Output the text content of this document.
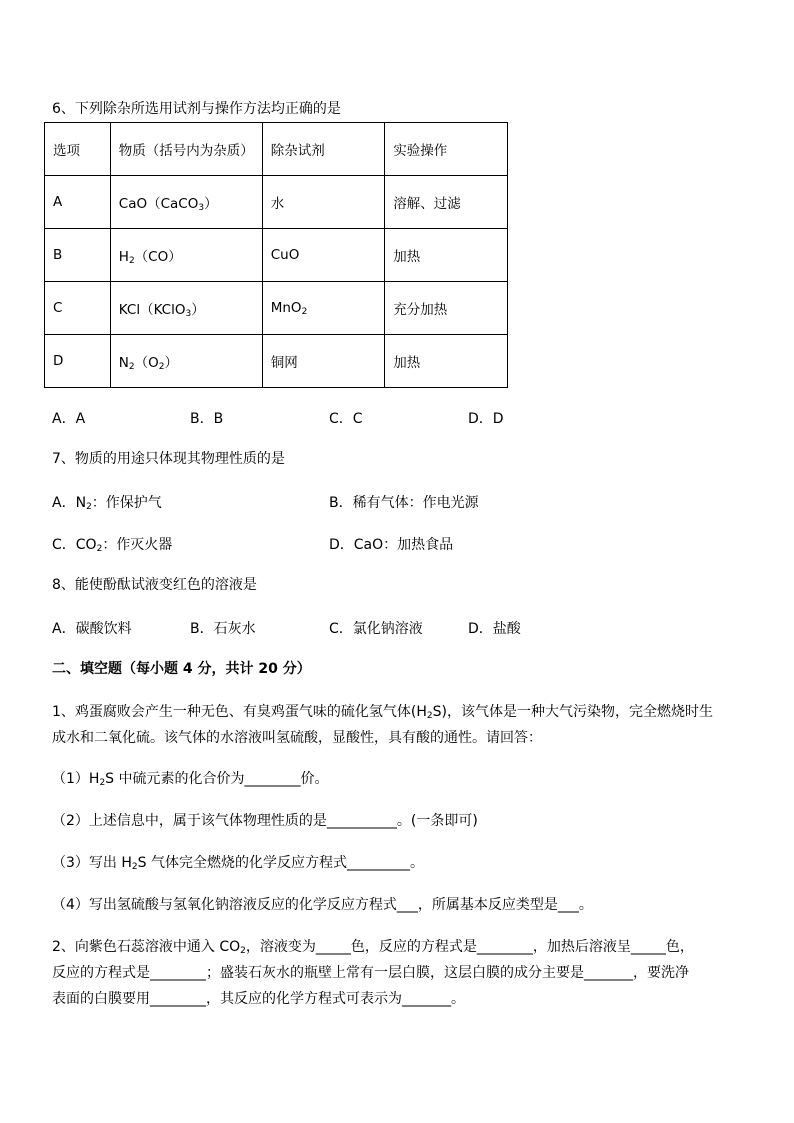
6、下列除杂所选用试剂与操作方法均正确的是
选项	物质（括号内为杂质）	除杂试剂	实验操作
A	CaO（CaCO$_3$）	水	溶解、过滤
B	$H_2(CO)$	CuO	加热
C	KCl（KClO$_3$）	MnO$_2$	充分加热
D	$N_2(O_2)$	铜网	加热
A．A	B．B	C．C	D．D
7、物质的用途只体现其物理性质的是
A．$N_2$：作保护气	B．稀有气体：作电光源
C．$CO_2$：作灭火器	D．CaO：加热食品
8、能使酚酞试液变红色的溶液是
A．碳酸饮料	B．石灰水	C．氯化钠溶液	D．盐酸
二、填空题（每小题 4 分，共计 20 分）
1、鸡蛋腐败会产生一种无色、有臭鸡蛋气味的硫化氢气体$(H_2S)$，该气体是一种大气污染物，完全燃烧时生
成水和二氧化硫。该气体的水溶液叫氢硫酸，显酸性，具有酸的通性。请回答：
$(1)H_2S$ 中硫元素的化合价为________价。
（2）上述信息中，属于该气体物理性质的是__________。(一条即可)
（3）写出 $H_2S$ 气体完全燃烧的化学反应方程式_________。
（4）写出氢硫酸与氢氧化钠溶液反应的化学反应方程式___，所属基本反应类型是___。
2、向紫色石蕊溶液中通入 $CO_2$，溶液变为_____色，反应的方程式是________，加热后溶液呈_____色，
反应的方程式是________；盛装石灰水的瓶壁上常有一层白膜，这层白膜的成分主要是_______，要洗净
表面的白膜要用________，其反应的化学方程式可表示为_______。
